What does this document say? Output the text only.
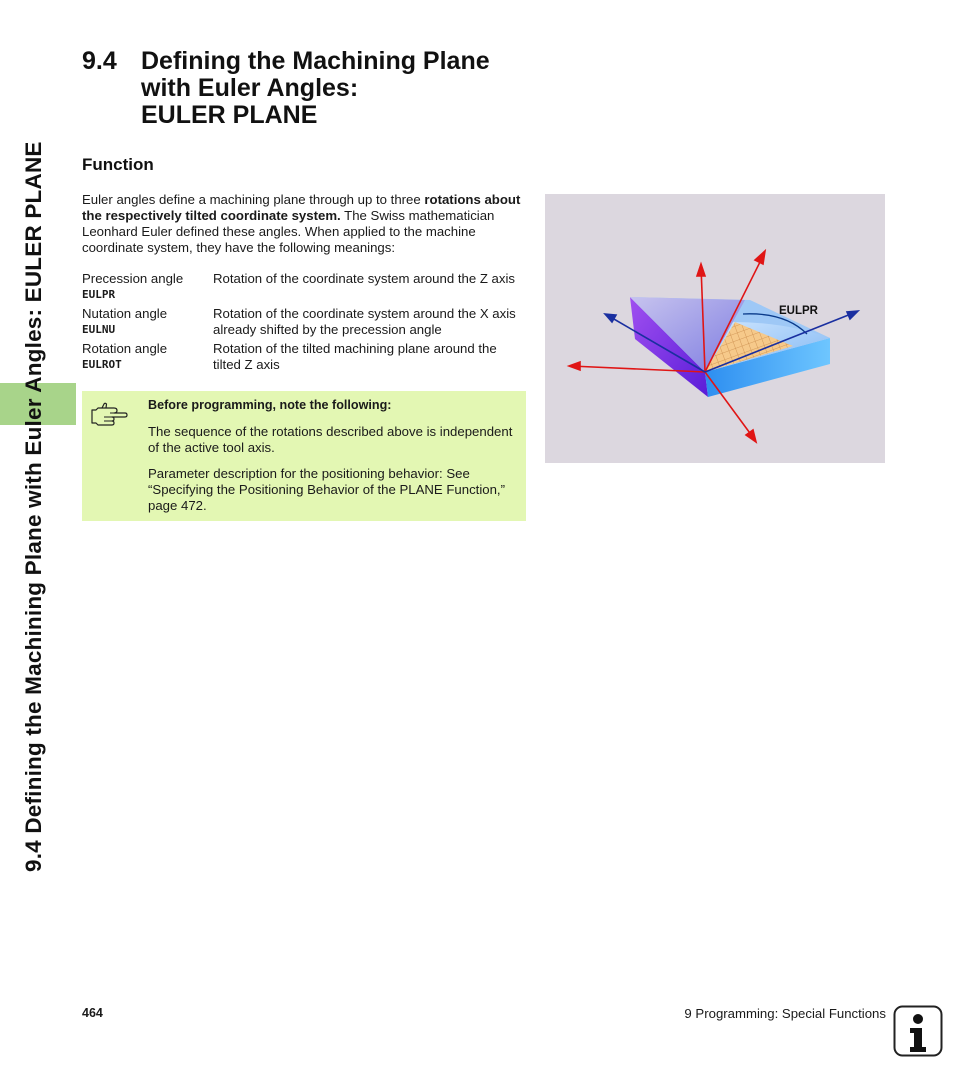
9.4 Defining the Machining Plane with Euler Angles: EULER PLANE
9.4 Defining the Machining Plane
with Euler Angles:
EULER PLANE
Function
Euler angles define a machining plane through up to three rotations about the respectively tilted coordinate system. The Swiss mathematician Leonhard Euler defined these angles. When applied to the machine coordinate system, they have the following meanings:
Precession angle
EULPR
Rotation of the coordinate system around the Z axis
Nutation angle
EULNU
Rotation of the coordinate system around the X axis already shifted by the precession angle
Rotation angle
EULROT
Rotation of the tilted machining plane around the tilted Z axis
Before programming, note the following:
The sequence of the rotations described above is independent of the active tool axis.
Parameter description for the positioning behavior: See “Specifying the Positioning Behavior of the PLANE Function,” page 472.
EULPR
464	9 Programming: Special Functions
